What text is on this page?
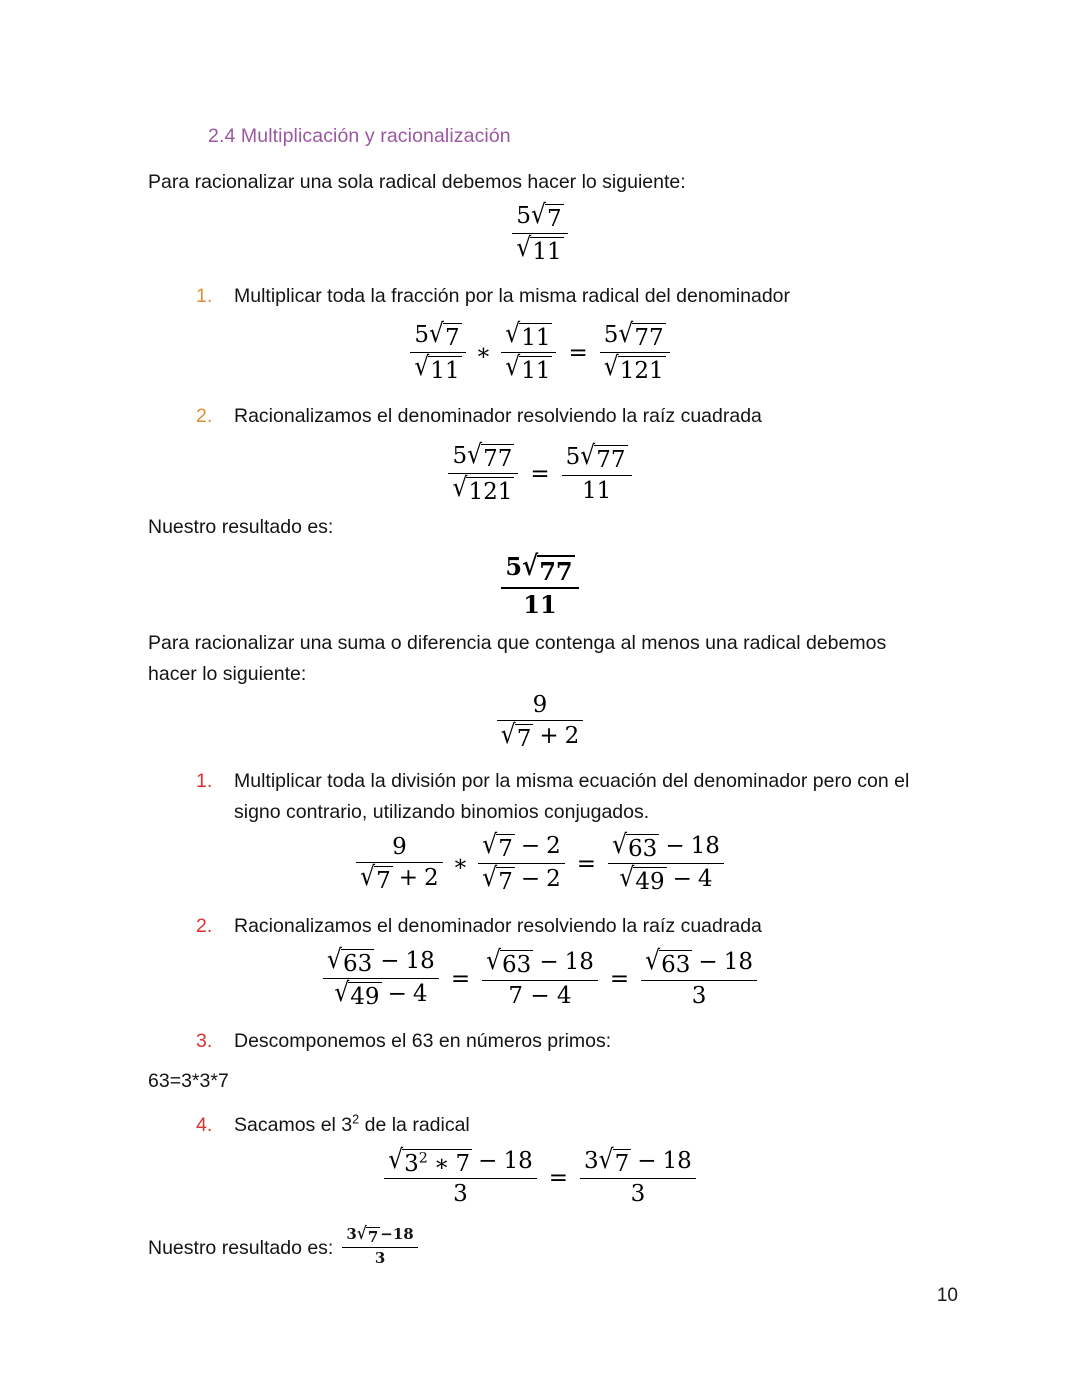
2.4 Multiplicación y racionalización
Para racionalizar una sola radical debemos hacer lo siguiente:
$\frac{5 √ 7}{√ 11}$
1. Multiplicar toda la fracción por la misma radical del denominador
$\frac{5 √ 7}{√ 11}$ ∗ $\frac{√ 11}{√ 11} = \frac{5 √ 77}{√ 121}$
2. Racionalizamos el denominador resolviendo la raíz cuadrada
$\frac{5 √ 77}{√ 121} = \frac{5 √ 77}{11}$
Nuestro resultado es:
$\frac{5 √ 77}{11}$
Para racionalizar una suma o diferencia que contenga al menos una radical debemos hacer lo siguiente:
$\frac{9}{√ 7 + 2}$
1. Multiplicar toda la división por la misma ecuación del denominador pero con el signo contrario, utilizando binomios conjugados.
$\frac{9}{√ 7 + 2}$ ∗ $\frac{√ 7 - 2}{√ 7 - 2} = \frac{√ 63 - 18}{√ 49 - 4}$
2. Racionalizamos el denominador resolviendo la raíz cuadrada
$\frac{√ 63 - 18}{√ 49 - 4} = \frac{√ 63 - 18}{7 - 4} = \frac{√ 63 - 18}{3}$
3. Descomponemos el 63 en números primos:
63=3*3*7
4. Sacamos el $3^2$ de la radical
$\frac{√ 3^2 ∗ 7 - 18}{3} = \frac{3 √ 7 - 18}{3}$
Nuestro resultado es: $\frac{3 √ 7 -18}{3}$
10
